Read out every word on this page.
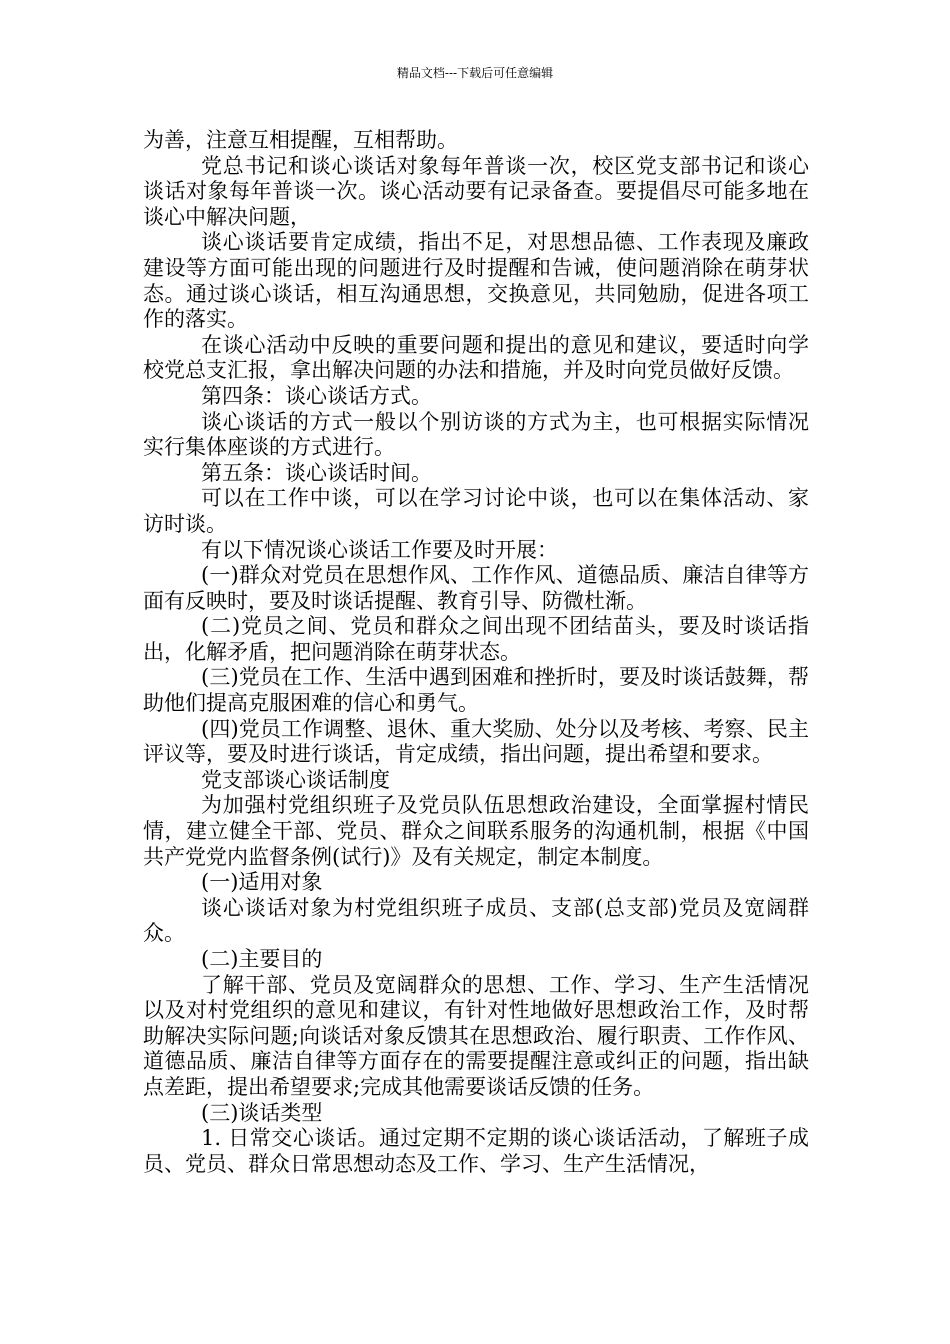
精品文档---下载后可任意编辑

为善，注意互相提醒，互相帮助。

党总书记和谈心谈话对象每年普谈一次，校区党支部书记和谈心谈话对象每年普谈一次。谈心活动要有记录备查。要提倡尽可能多地在谈心中解决问题，

谈心谈话要肯定成绩，指出不足，对思想品德、工作表现及廉政建设等方面可能出现的问题进行及时提醒和告诫，使问题消除在萌芽状态。通过谈心谈话，相互沟通思想，交换意见，共同勉励，促进各项工作的落实。

在谈心活动中反映的重要问题和提出的意见和建议，要适时向学校党总支汇报，拿出解决问题的办法和措施，并及时向党员做好反馈。

第四条：谈心谈话方式。

谈心谈话的方式一般以个别访谈的方式为主，也可根据实际情况实行集体座谈的方式进行。

第五条：谈心谈话时间。

可以在工作中谈，可以在学习讨论中谈，也可以在集体活动、家访时谈。

有以下情况谈心谈话工作要及时开展：

(一)群众对党员在思想作风、工作作风、道德品质、廉洁自律等方面有反映时，要及时谈话提醒、教育引导、防微杜渐。

(二)党员之间、党员和群众之间出现不团结苗头，要及时谈话指出，化解矛盾，把问题消除在萌芽状态。

(三)党员在工作、生活中遇到困难和挫折时，要及时谈话鼓舞，帮助他们提高克服困难的信心和勇气。

(四)党员工作调整、退休、重大奖励、处分以及考核、考察、民主评议等，要及时进行谈话，肯定成绩，指出问题，提出希望和要求。

党支部谈心谈话制度

为加强村党组织班子及党员队伍思想政治建设，全面掌握村情民情，建立健全干部、党员、群众之间联系服务的沟通机制，根据《中国共产党党内监督条例(试行)》及有关规定，制定本制度。

(一)适用对象

谈心谈话对象为村党组织班子成员、支部(总支部)党员及宽阔群众。

(二)主要目的

了解干部、党员及宽阔群众的思想、工作、学习、生产生活情况以及对村党组织的意见和建议，有针对性地做好思想政治工作，及时帮助解决实际问题;向谈话对象反馈其在思想政治、履行职责、工作作风、道德品质、廉洁自律等方面存在的需要提醒注意或纠正的问题，指出缺点差距，提出希望要求;完成其他需要谈话反馈的任务。

(三)谈话类型

1. 日常交心谈话。通过定期不定期的谈心谈话活动，了解班子成员、党员、群众日常思想动态及工作、学习、生产生活情况，
